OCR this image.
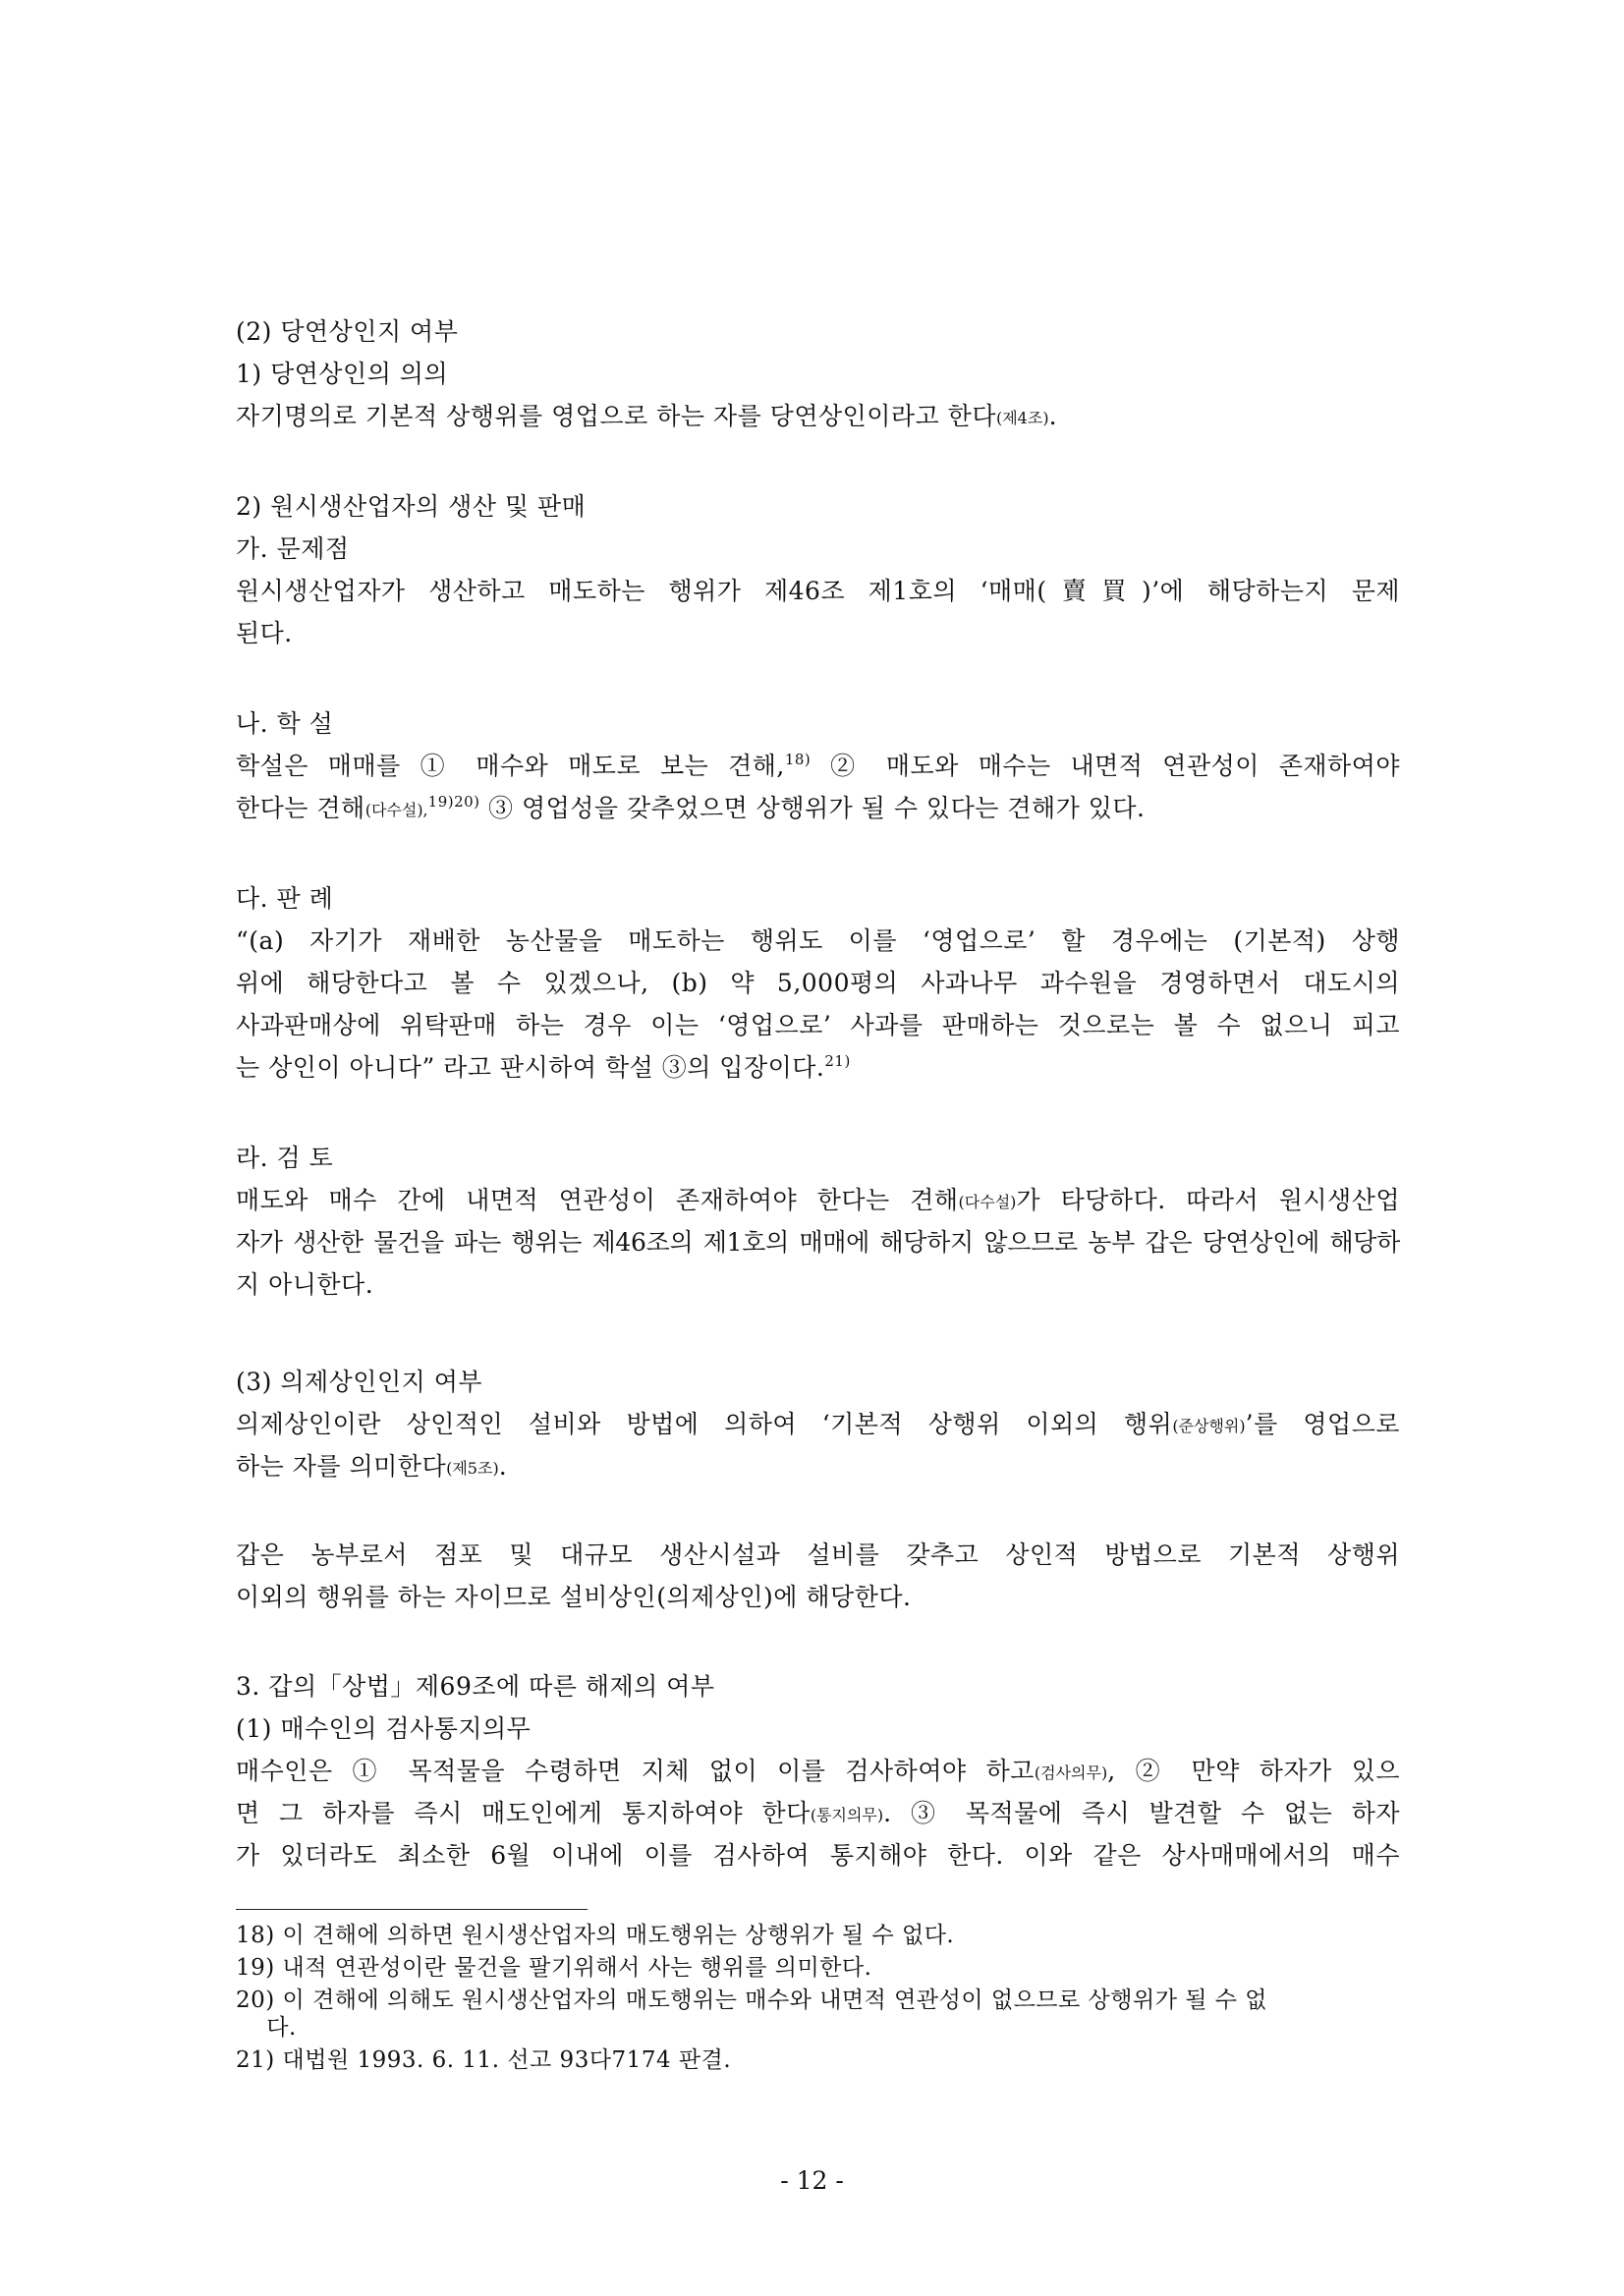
(2) 당연상인지 여부
1) 당연상인의 의의
자기명의로 기본적 상행위를 영업으로 하는 자를 당연상인이라고 한다(제4조).
2) 원시생산업자의 생산 및 판매
가. 문제점
원시생산업자가 생산하고 매도하는 행위가 제46조 제1호의 ‘매매(賣買)’에 해당하는지 문제
된다.
나. 학 설
학설은 매매를 ① 매수와 매도로 보는 견해,$^{18)}$ ② 매도와 매수는 내면적 연관성이 존재하여야
한다는 견해(다수설),$^{19)20)}$ ③ 영업성을 갖추었으면 상행위가 될 수 있다는 견해가 있다.
다. 판 례
“(a) 자기가 재배한 농산물을 매도하는 행위도 이를 ‘영업으로’ 할 경우에는 (기본적) 상행
위에 해당한다고 볼 수 있겠으나, (b) 약 5,000평의 사과나무 과수원을 경영하면서 대도시의
사과판매상에 위탁판매 하는 경우 이는 ‘영업으로’ 사과를 판매하는 것으로는 볼 수 없으니 피고
는 상인이 아니다” 라고 판시하여 학설 ③의 입장이다.$^{21)}$
라. 검 토
매도와 매수 간에 내면적 연관성이 존재하여야 한다는 견해(다수설)가 타당하다. 따라서 원시생산업
자가 생산한 물건을 파는 행위는 제46조의 제1호의 매매에 해당하지 않으므로 농부 갑은 당연상인에 해당하
지 아니한다.
(3) 의제상인인지 여부
의제상인이란 상인적인 설비와 방법에 의하여 ‘기본적 상행위 이외의 행위(준상행위)’를 영업으로
하는 자를 의미한다(제5조).
갑은 농부로서 점포 및 대규모 생산시설과 설비를 갖추고 상인적 방법으로 기본적 상행위
이외의 행위를 하는 자이므로 설비상인(의제상인)에 해당한다.
3. 갑의「상법」제69조에 따른 해제의 여부
(1) 매수인의 검사통지의무
매수인은 ① 목적물을 수령하면 지체 없이 이를 검사하여야 하고(검사의무), ② 만약 하자가 있으
면 그 하자를 즉시 매도인에게 통지하여야 한다(통지의무). ③ 목적물에 즉시 발견할 수 없는 하자
가 있더라도 최소한 6월 이내에 이를 검사하여 통지해야 한다. 이와 같은 상사매매에서의 매수
18) 이 견해에 의하면 원시생산업자의 매도행위는 상행위가 될 수 없다.
19) 내적 연관성이란 물건을 팔기위해서 사는 행위를 의미한다.
20) 이 견해에 의해도 원시생산업자의 매도행위는 매수와 내면적 연관성이 없으므로 상행위가 될 수 없
다.
21) 대법원 1993. 6. 11. 선고 93다7174 판결.
- 12 -
